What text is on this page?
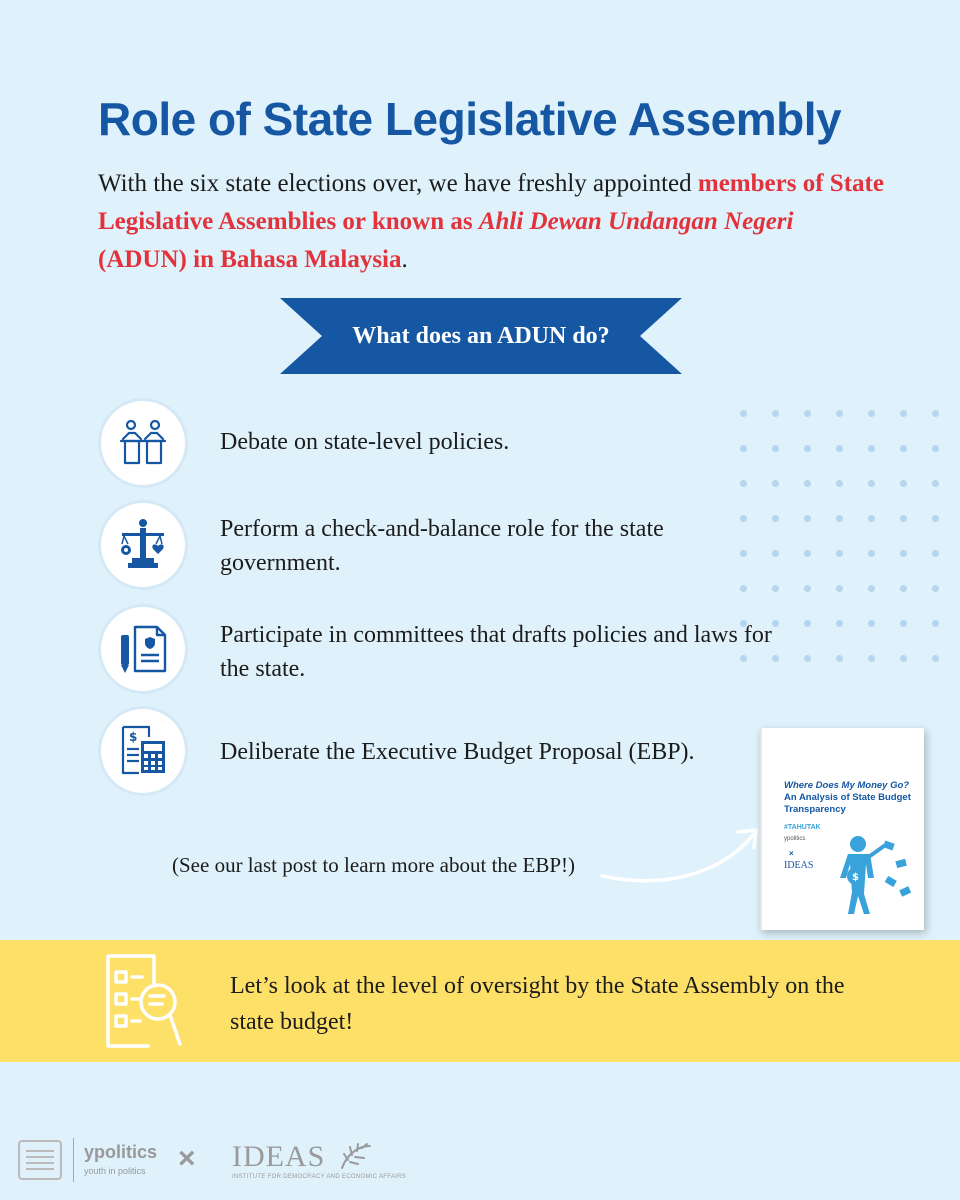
Role of State Legislative Assembly

With the six state elections over, we have freshly appointed members of State Legislative Assemblies or known as Ahli Dewan Undangan Negeri (ADUN) in Bahasa Malaysia.

What does an ADUN do?
Debate on state-level policies.
Perform a check-and-balance role for the state government.
Participate in committees that drafts policies and laws for the state.
$
Deliberate the Executive Budget Proposal (EBP).
(See our last post to learn more about the EBP!)
Where Does My Money Go?
An Analysis of State Budget Transparency
#TAHUTAK
ypolitics
×
IDEAS
$
Let’s look at the level of oversight by the State Assembly on the state budget!
ypolitics
youth in politics × IDEAS
INSTITUTE FOR DEMOCRACY AND ECONOMIC AFFAIRS
